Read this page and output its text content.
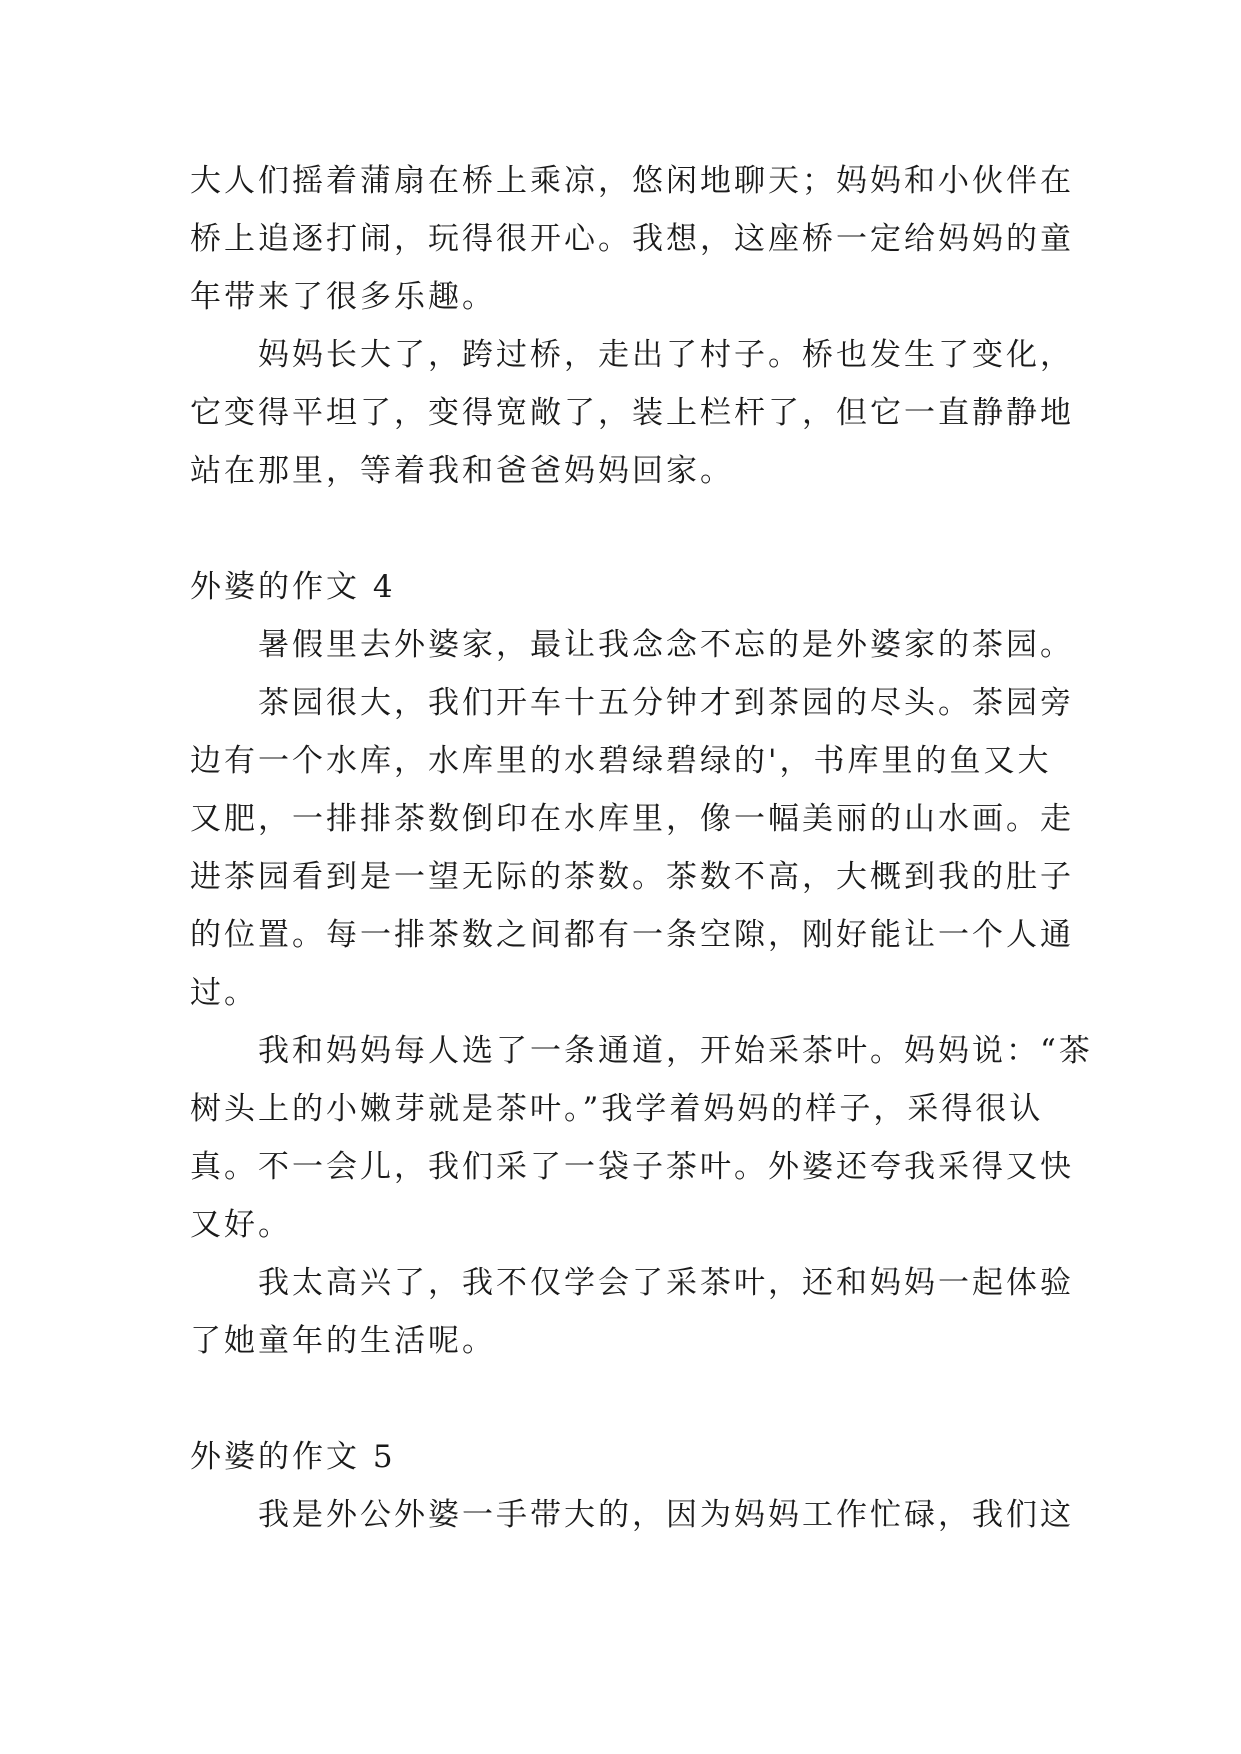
大人们摇着蒲扇在桥上乘凉，悠闲地聊天；妈妈和小伙伴在
桥上追逐打闹，玩得很开心。我想，这座桥一定给妈妈的童
年带来了很多乐趣。
妈妈长大了，跨过桥，走出了村子。桥也发生了变化，
它变得平坦了，变得宽敞了，装上栏杆了，但它一直静静地
站在那里，等着我和爸爸妈妈回家。
外婆的作文 4
暑假里去外婆家，最让我念念不忘的是外婆家的茶园。
茶园很大，我们开车十五分钟才到茶园的尽头。茶园旁
边有一个水库，水库里的水碧绿碧绿的'，书库里的鱼又大
又肥，一排排茶数倒印在水库里，像一幅美丽的山水画。走
进茶园看到是一望无际的茶数。茶数不高，大概到我的肚子
的位置。每一排茶数之间都有一条空隙，刚好能让一个人通
过。
我和妈妈每人选了一条通道，开始采茶叶。妈妈说：“茶
树头上的小嫩芽就是茶叶。”我学着妈妈的样子，采得很认
真。不一会儿，我们采了一袋子茶叶。外婆还夸我采得又快
又好。
我太高兴了，我不仅学会了采茶叶，还和妈妈一起体验
了她童年的生活呢。
外婆的作文 5
我是外公外婆一手带大的，因为妈妈工作忙碌，我们这
